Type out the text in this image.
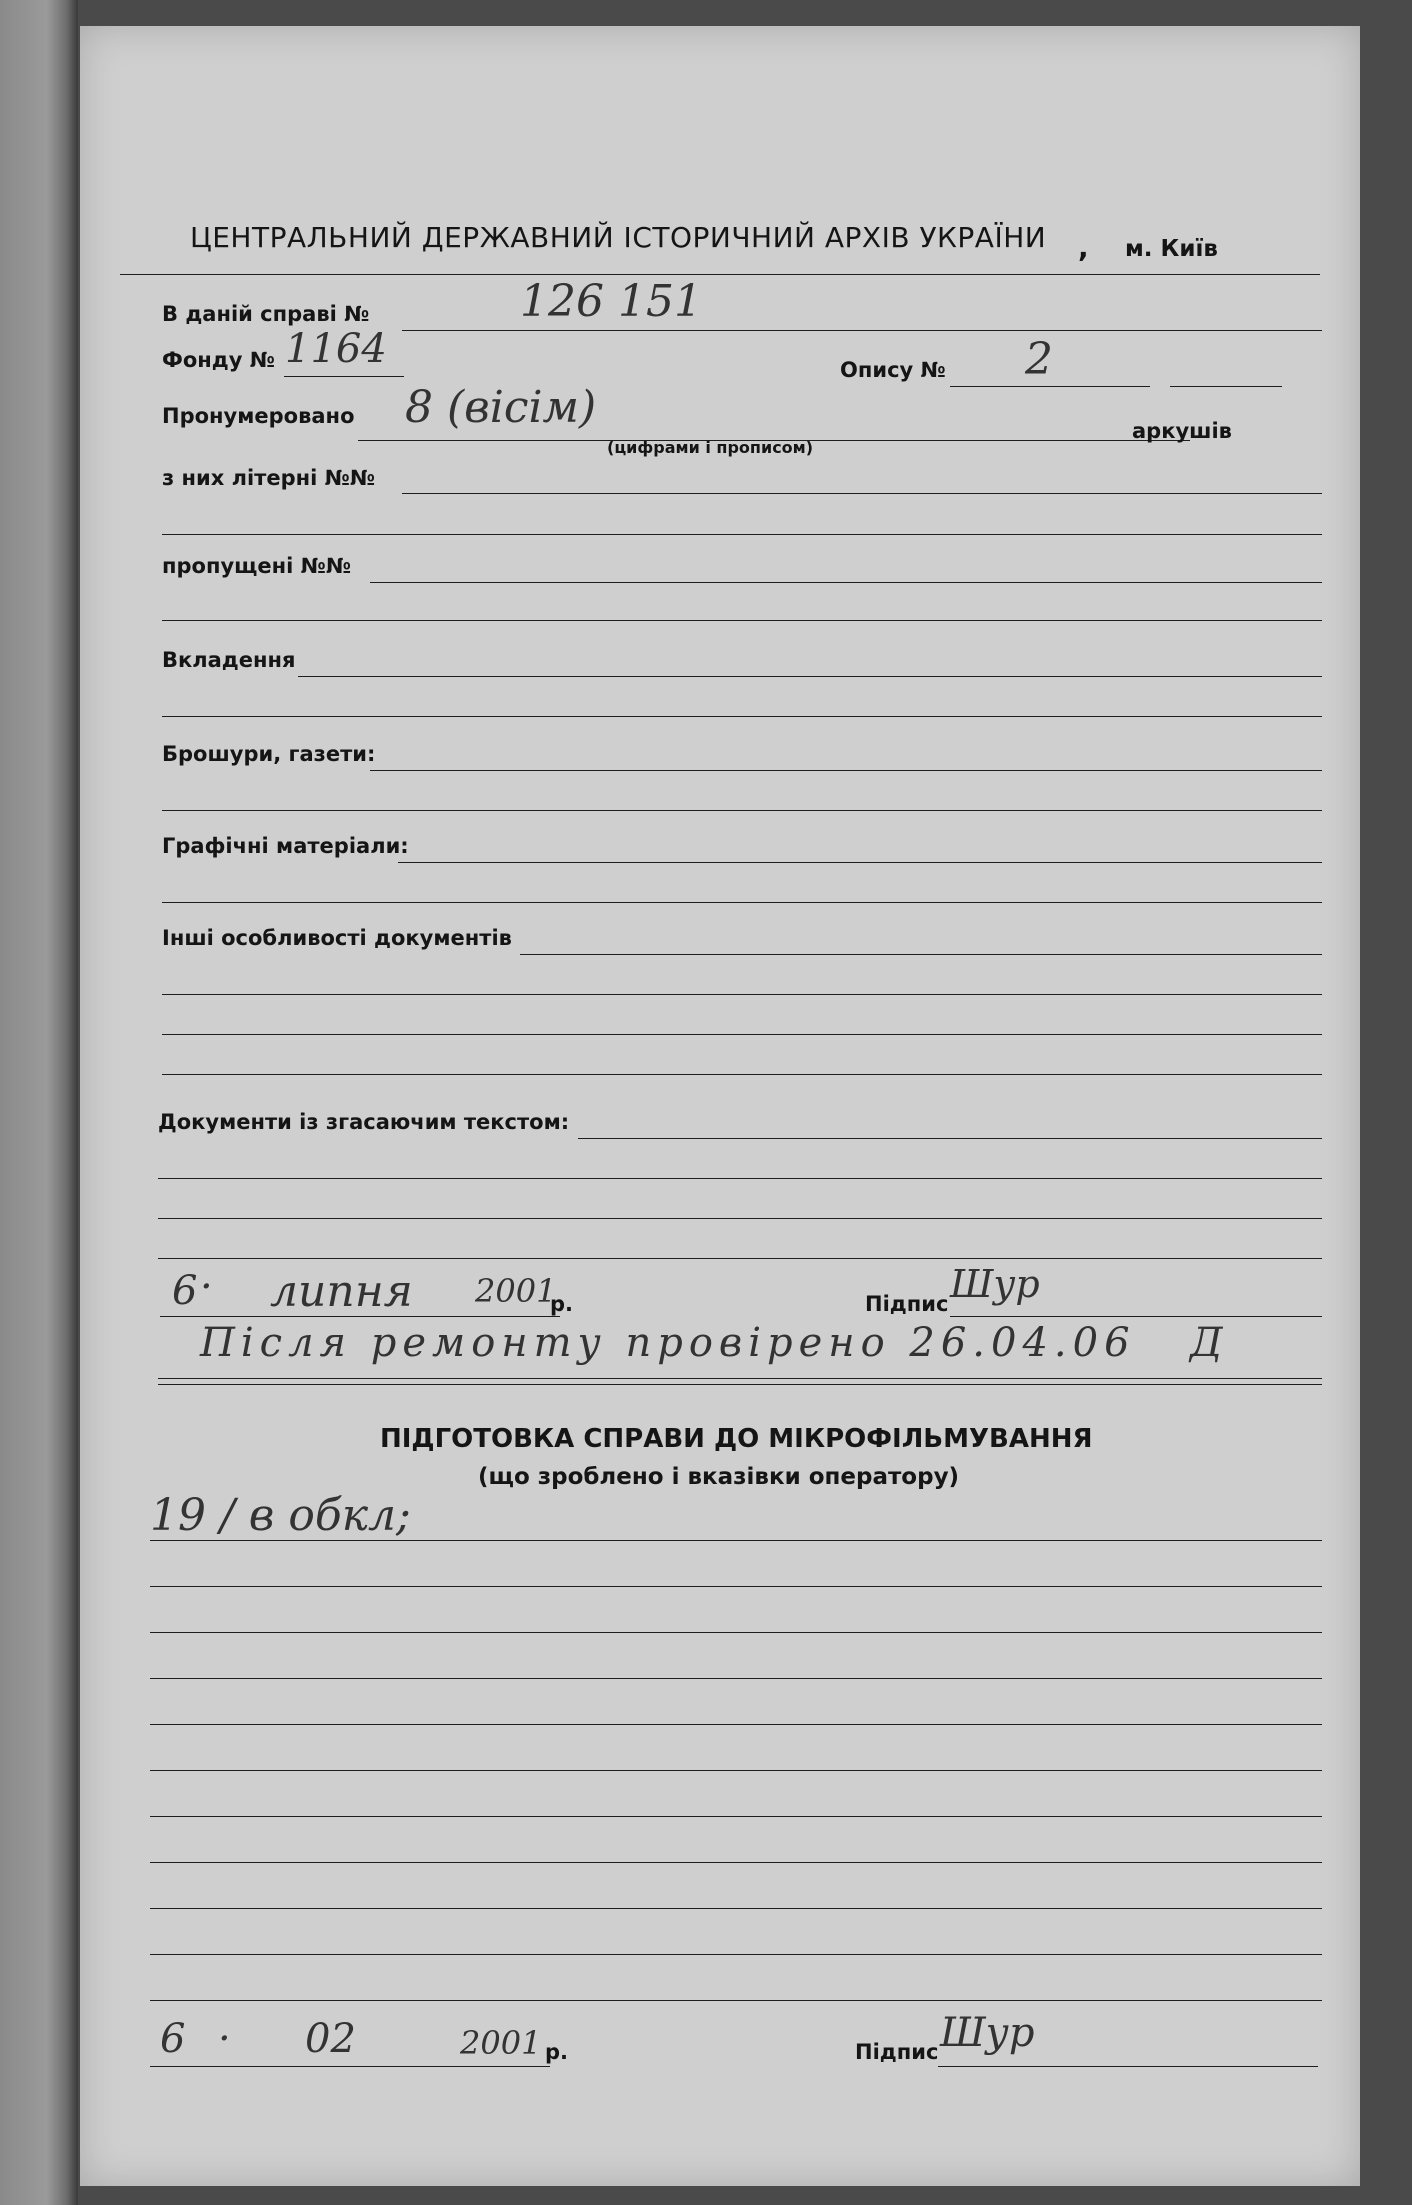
ЦЕНТРАЛЬНИЙ ДЕРЖАВНИЙ ІСТОРИЧНИЙ АРХІВ УКРАЇНИ , м. Київ
В даній справі №	126 151
Фонду № 1164	Опису № 2
Пронумеровано 8 (вісім)
(цифрами і прописом)
аркушів
з них літерні №№
пропущені №№
Вкладення
Брошури, газети:
Графічні матеріали:
Інші особливості документів
Документи із згасаючим текстом:
6 · липня 2001
р.	Підпис Шур
Після ремонту провірено 26.04.06 Д
ПІДГОТОВКА СПРАВИ ДО МІКРОФІЛЬМУВАННЯ
(що зроблено і вказівки оператору)
19 / в обкл;
6 · 02	2001 р.	Підпис Шур
